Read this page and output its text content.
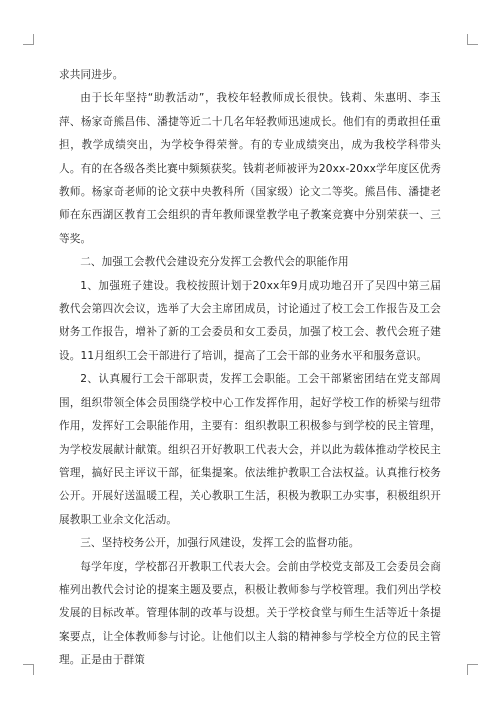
求共同进步。

由于长年坚持“助教活动”，我校年轻教师成长很快。钱莉、朱惠明、李玉萍、杨家奇熊昌伟、潘捷等近二十几名年轻教师迅速成长。他们有的勇敢担任重担，教学成绩突出，为学校争得荣誉。有的专业成绩突出，成为我校学科带头人。有的在各级各类比赛中频频获奖。钱莉老师被评为20xx-20xx学年度区优秀教师。杨家奇老师的论文获中央教科所（国家级）论文二等奖。熊昌伟、潘捷老师在东西湖区教育工会组织的青年教师课堂教学电子教案竞赛中分别荣获一、三等奖。

二、加强工会教代会建设充分发挥工会教代会的职能作用

1、加强班子建设。我校按照计划于20xx年9月成功地召开了吴四中第三届教代会第四次会议，选举了大会主席团成员，讨论通过了校工会工作报告及工会财务工作报告，增补了新的工会委员和女工委员，加强了校工会、教代会班子建设。11月组织工会干部进行了培训，提高了工会干部的业务水平和服务意识。

2、认真履行工会干部职责，发挥工会职能。工会干部紧密团结在党支部周围，组织带领全体会员围绕学校中心工作发挥作用，起好学校工作的桥梁与纽带作用，发挥好工会职能作用，主要有：组织教职工积极参与到学校的民主管理，为学校发展献计献策。组织召开好教职工代表大会，并以此为载体推动学校民主管理，搞好民主评议干部，征集提案。依法维护教职工合法权益。认真推行校务公开。开展好送温暖工程，关心教职工生活，积极为教职工办实事，积极组织开展教职工业余文化活动。

三、坚持校务公开，加强行风建设，发挥工会的监督功能。

每学年度，学校都召开教职工代表大会。会前由学校党支部及工会委员会商榷列出教代会讨论的提案主题及要点，积极让教师参与学校管理。我们列出学校发展的目标改革。管理体制的改革与设想。关于学校食堂与师生生活等近十条提案要点，让全体教师参与讨论。让他们以主人翁的精神参与学校全方位的民主管理。正是由于群策
